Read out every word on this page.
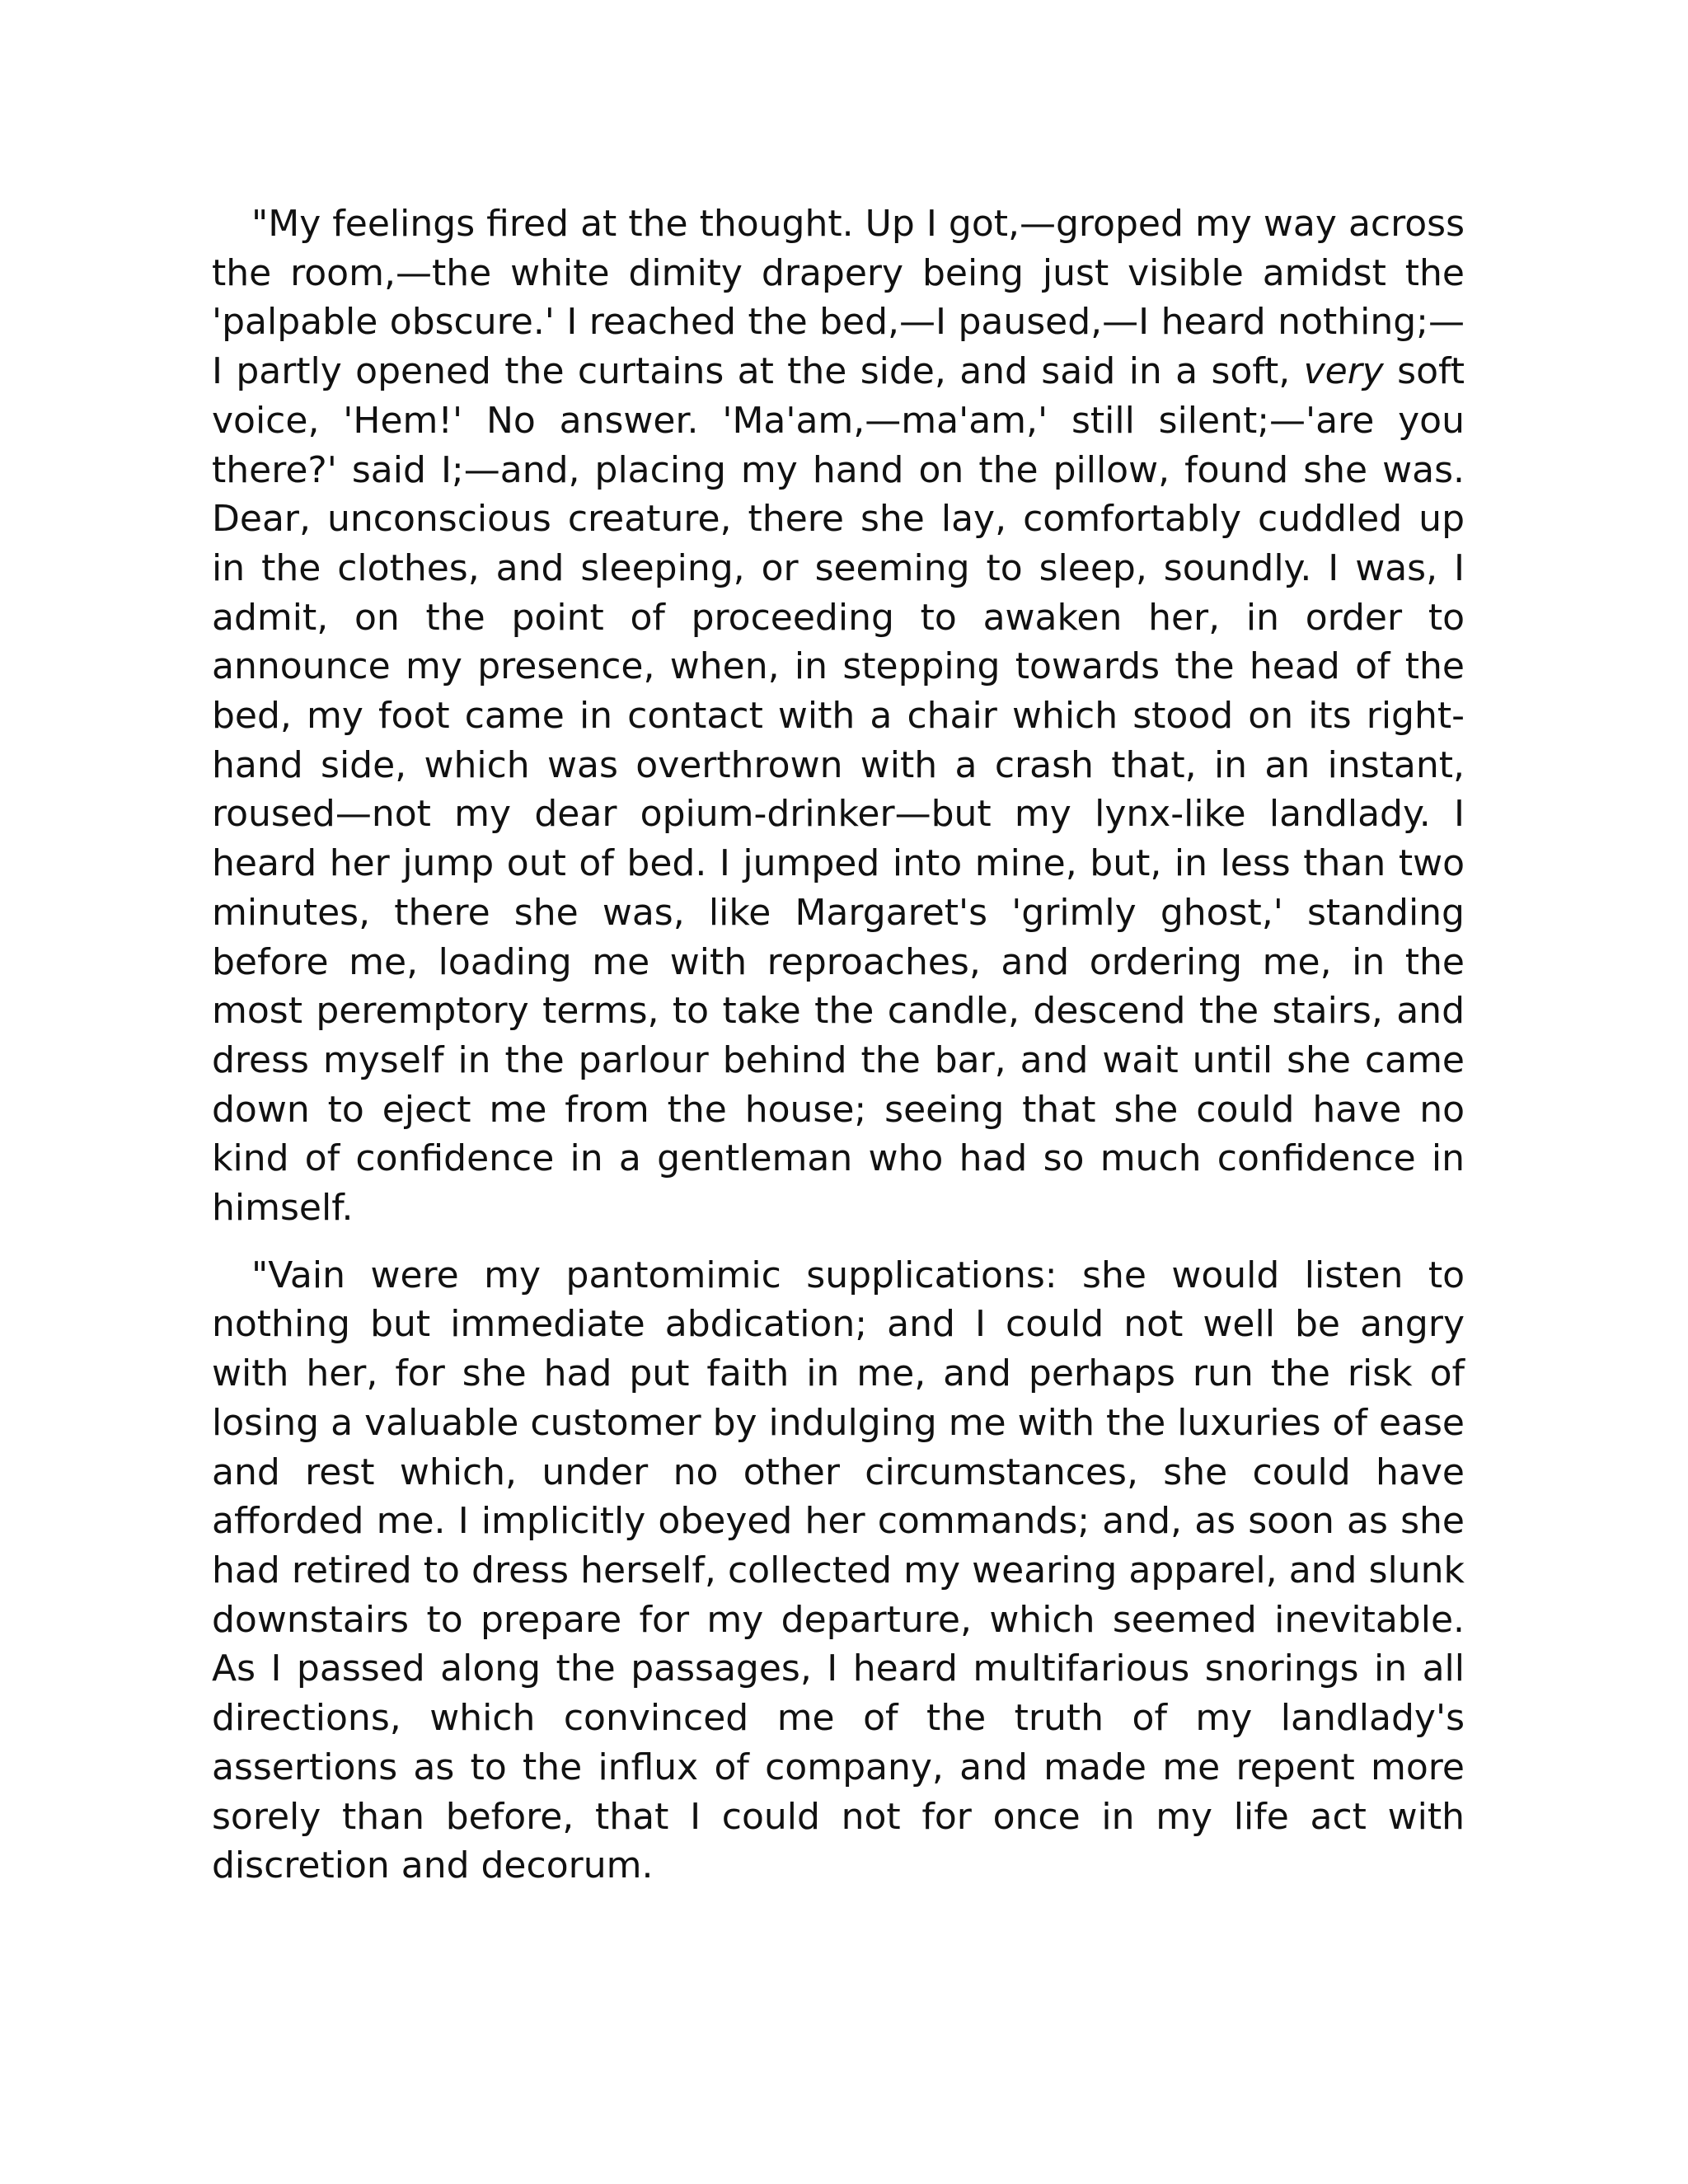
"My feelings fired at the thought. Up I got,—groped my way across the room,—the white dimity drapery being just visible amidst the 'palpable obscure.' I reached the bed,—I paused,—I heard nothing;—I partly opened the curtains at the side, and said in a soft, very soft voice, 'Hem!' No answer. 'Ma'am,—ma'am,' still silent;—'are you there?' said I;—and, placing my hand on the pillow, found she was. Dear, unconscious creature, there she lay, comfortably cuddled up in the clothes, and sleeping, or seeming to sleep, soundly. I was, I admit, on the point of proceeding to awaken her, in order to announce my presence, when, in stepping towards the head of the bed, my foot came in contact with a chair which stood on its right-hand side, which was overthrown with a crash that, in an instant, roused—not my dear opium-drinker—but my lynx-like landlady. I heard her jump out of bed. I jumped into mine, but, in less than two minutes, there she was, like Margaret's 'grimly ghost,' standing before me, loading me with reproaches, and ordering me, in the most peremptory terms, to take the candle, descend the stairs, and dress myself in the parlour behind the bar, and wait until she came down to eject me from the house; seeing that she could have no kind of confidence in a gentleman who had so much confidence in himself.

"Vain were my pantomimic supplications: she would listen to nothing but immediate abdication; and I could not well be angry with her, for she had put faith in me, and perhaps run the risk of losing a valuable customer by indulging me with the luxuries of ease and rest which, under no other circumstances, she could have afforded me. I implicitly obeyed her commands; and, as soon as she had retired to dress herself, collected my wearing apparel, and slunk downstairs to prepare for my departure, which seemed inevitable. As I passed along the passages, I heard multifarious snorings in all directions, which convinced me of the truth of my landlady's assertions as to the influx of company, and made me repent more sorely than before, that I could not for once in my life act with discretion and decorum.
